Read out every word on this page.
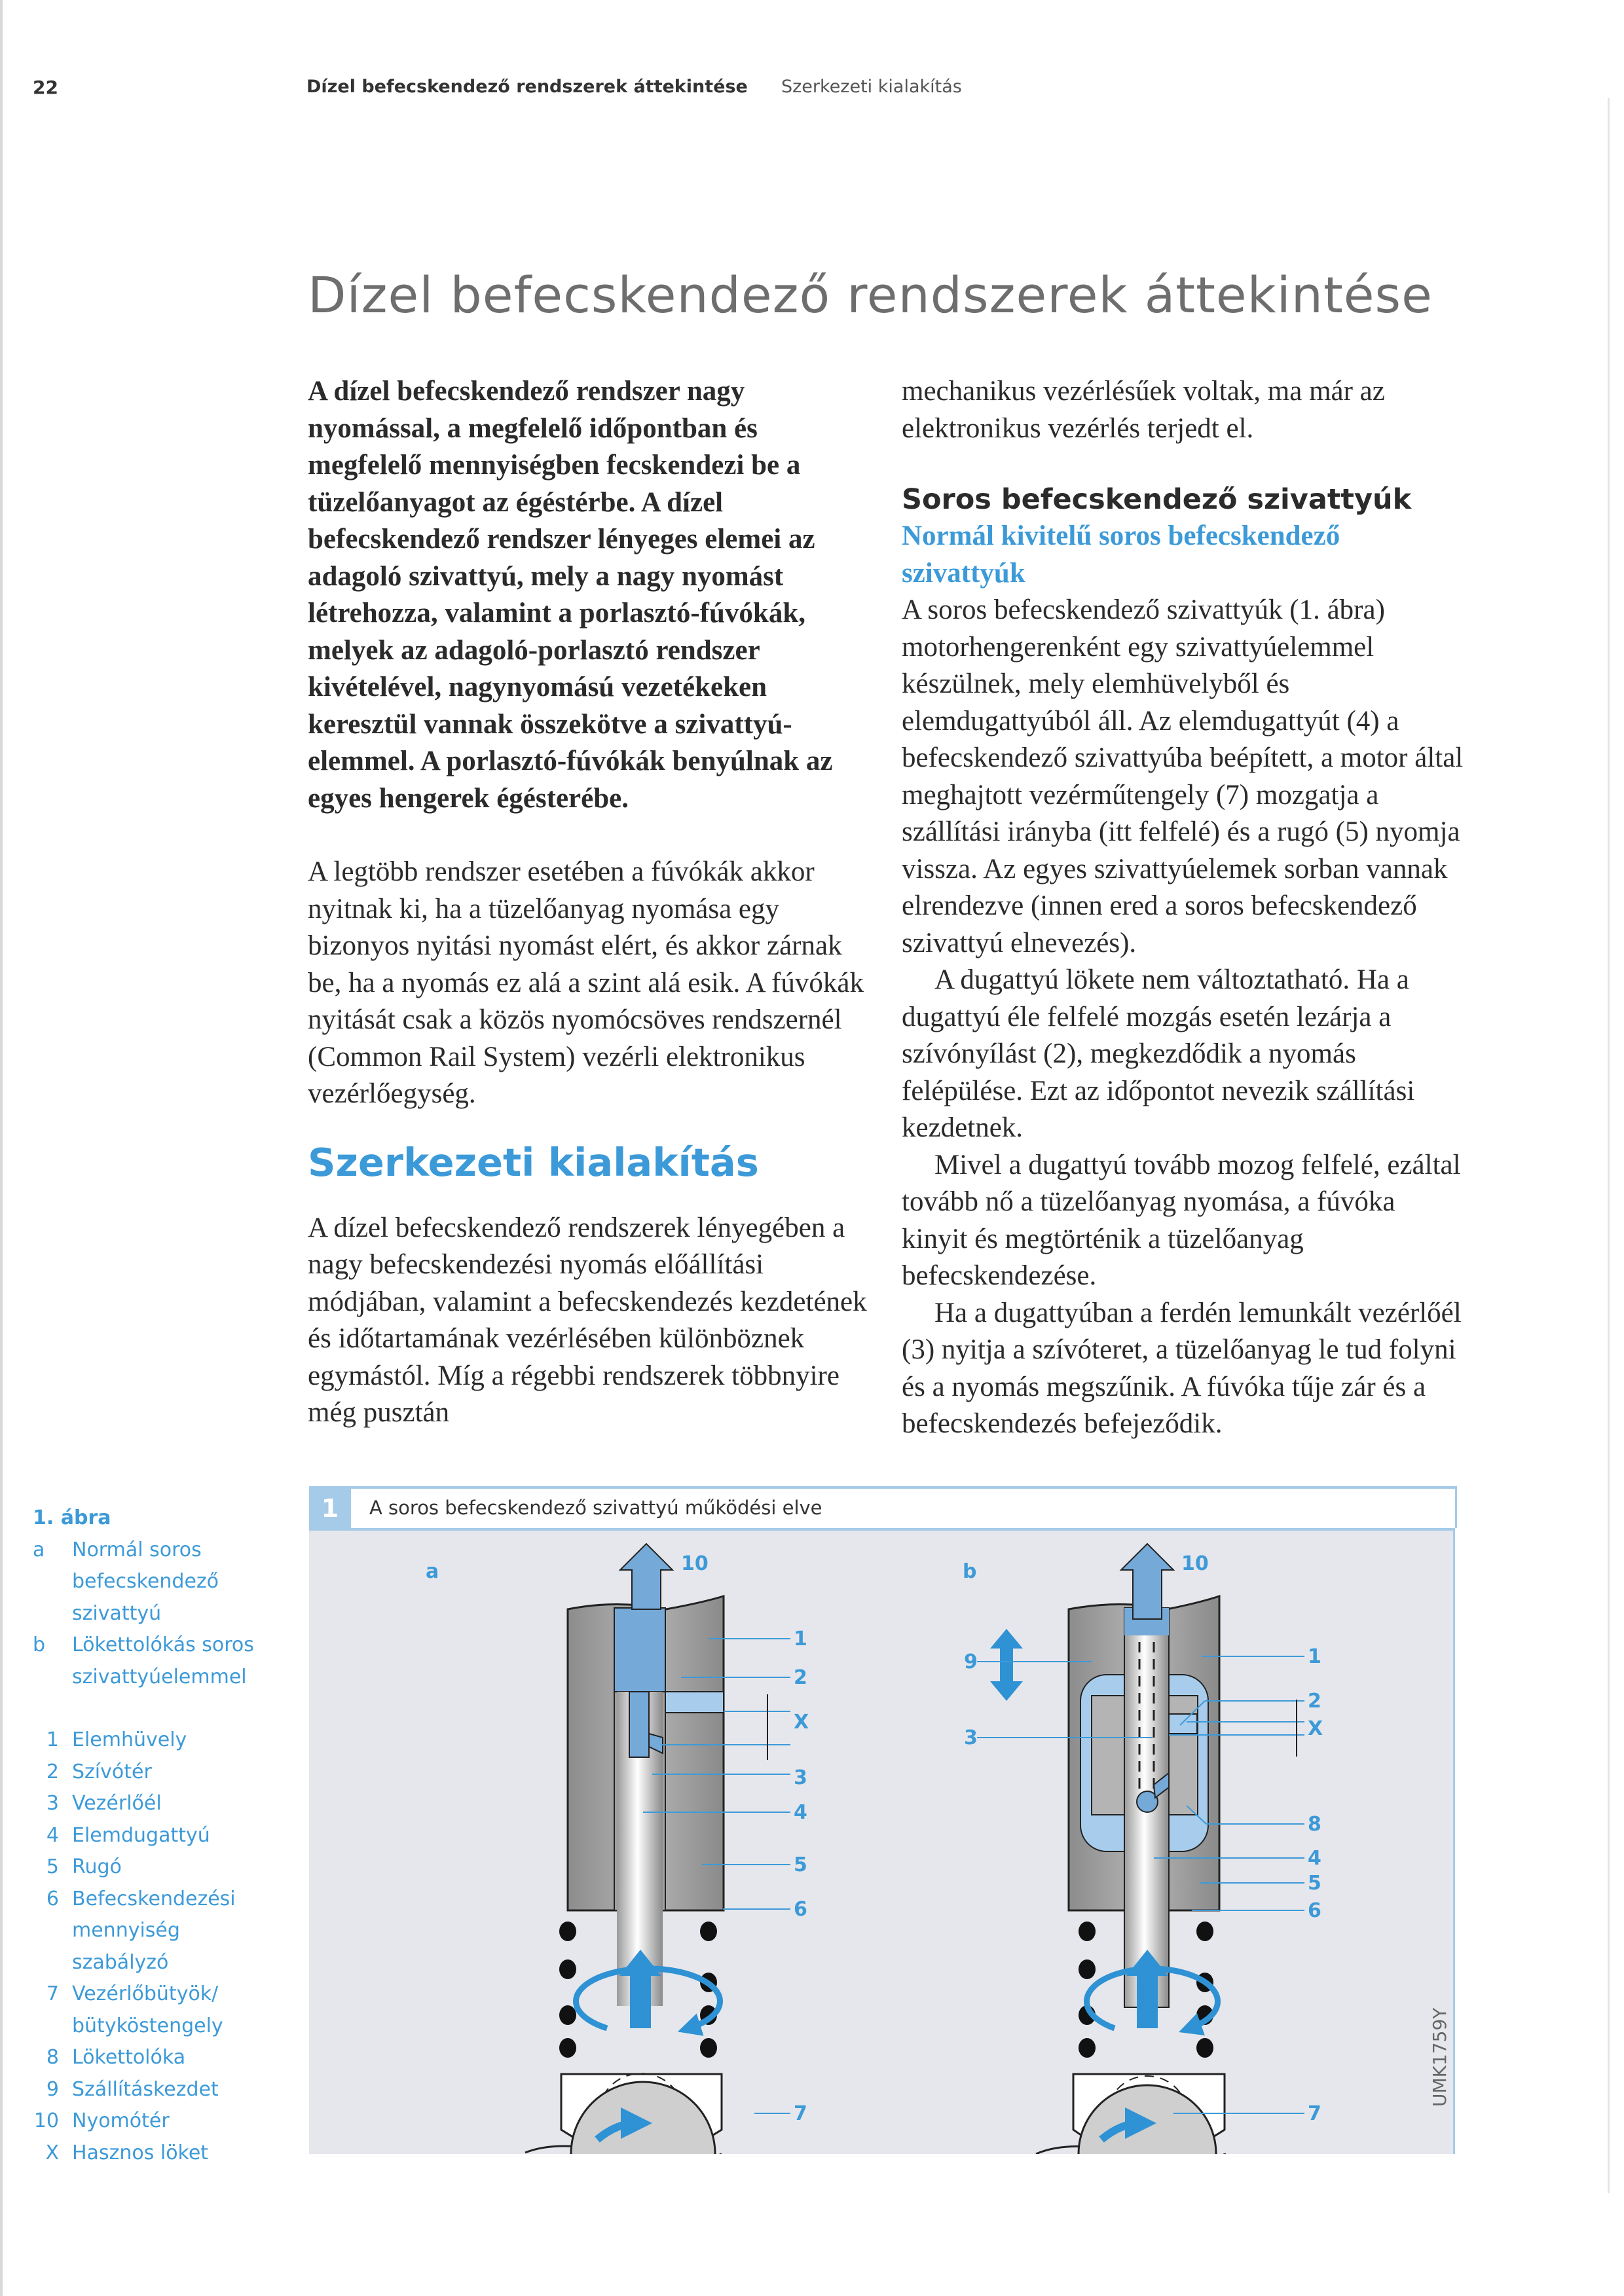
22	Dízel befecskendező rendszerek áttekintése Szerkezeti kialakítás
Dízel befecskendező rendszerek áttekintése

A dízel befecskendező rendszer nagy nyomással, a megfelelő időpontban és megfelelő mennyiségben fecskendezi be a tüzelőanyagot az égéstérbe. A dízel befecskendező rendszer lényeges elemei az adagoló szivattyú, mely a nagy nyomást létrehozza, valamint a porlasztó-fúvókák, melyek az adagoló-porlasztó rendszer kivételével, nagynyomású vezetékeken keresztül vannak összekötve a szivattyú-elemmel. A porlasztó-fúvókák benyúlnak az egyes hengerek égésterébe.

A legtöbb rendszer esetében a fúvókák akkor nyitnak ki, ha a tüzelőanyag nyomása egy bizonyos nyitási nyomást elért, és akkor zárnak be, ha a nyomás ez alá a szint alá esik. A fúvókák nyitását csak a közös nyomócsöves rendszernél (Common Rail System) vezérli elektronikus vezérlőegység.

Szerkezeti kialakítás

A dízel befecskendező rendszerek lényegében a nagy befecskendezési nyomás előállítási módjában, valamint a befecskendezés kezdetének és időtartamának vezérlésében különböznek egymástól. Míg a régebbi rendszerek többnyire még pusztán

mechanikus vezérlésűek voltak, ma már az elektronikus vezérlés terjedt el.

Soros befecskendező szivattyúk
Normál kivitelű soros befecskendező szivattyúk

A soros befecskendező szivattyúk (1. ábra) motorhengerenként egy szivattyúelemmel készülnek, mely elemhüvelyből és elemdugattyúból áll. Az elemdugattyút (4) a befecskendező szivattyúba beépített, a motor által meghajtott vezérműtengely (7) mozgatja a szállítási irányba (itt felfelé) és a rugó (5) nyomja vissza. Az egyes szivattyúelemek sorban vannak elrendezve (innen ered a soros befecskendező szivattyú elnevezés).

A dugattyú lökete nem változtatható. Ha a dugattyú éle felfelé mozgás esetén lezárja a szívónyílást (2), megkezdődik a nyomás felépülése. Ezt az időpontot nevezik szállítási kezdetnek.

Mivel a dugattyú tovább mozog felfelé, ezáltal tovább nő a tüzelőanyag nyomása, a fúvóka kinyit és megtörténik a tüzelőanyag befecskendezése.

Ha a dugattyúban a ferdén lemunkált vezérlőél (3) nyitja a szívóteret, a tüzelőanyag le tud folyni és a nyomás megszűnik. A fúvóka tűje zár és a befecskendezés befejeződik.

1. ábra
a	Normál soros befecskendező szivattyú
b	Lökettolókás soros szivattyúelemmel
1 Elemhüvely
2 Szívótér
3 Vezérlőél
4 Elemdugattyú
5 Rugó
6 Befecskendezési mennyiség szabályzó
7 Vezérlőbütyök/ bütyköstengely
8 Lökettolóka
9 Szállításkezdet
10 Nyomótér
X Hasznos löket
1	A soros befecskendező szivattyú működési elve
a	10
1
2
X
3
4
5
6
7
b	10
1
2
X
8
4
5
6
7
9
3
UMK1759Y
